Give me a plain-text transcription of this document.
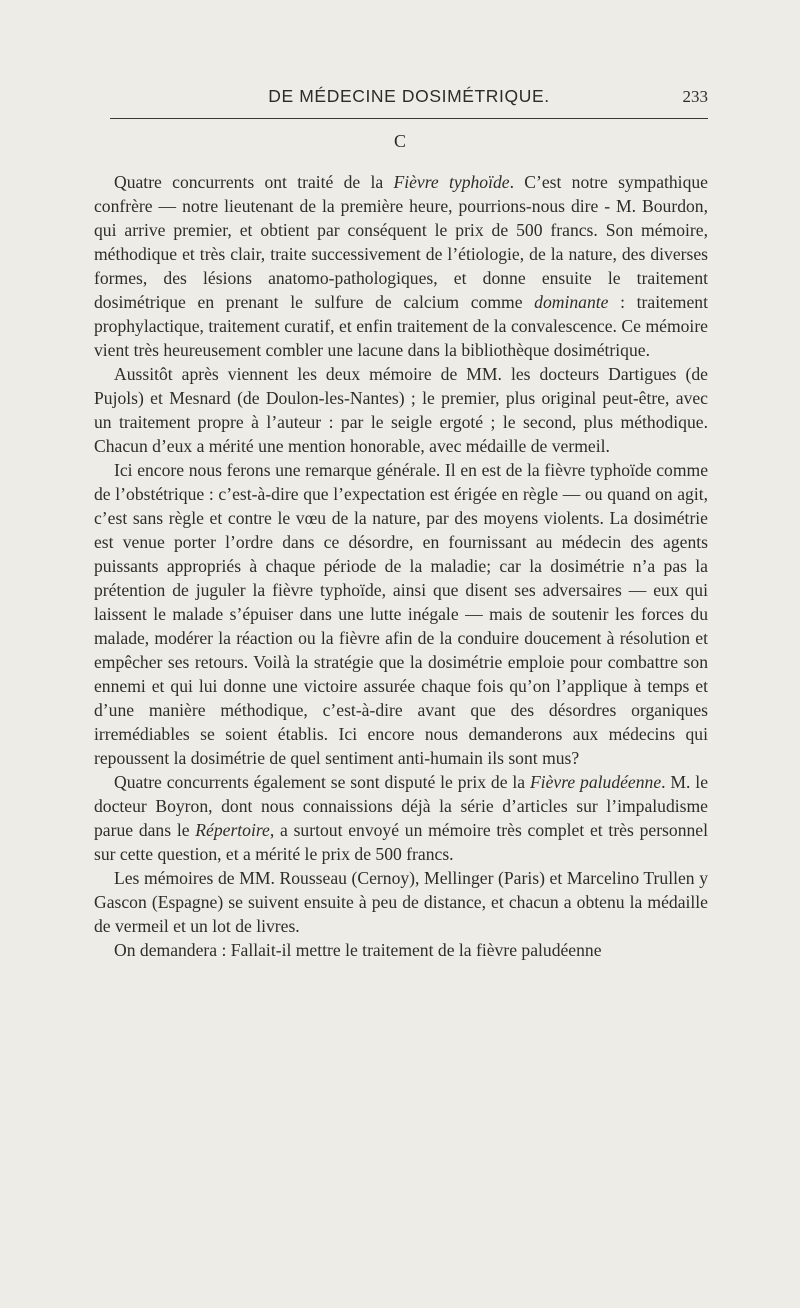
DE MÉDECINE DOSIMÉTRIQUE.	233
C

Quatre concurrents ont traité de la Fièvre typhoïde. C’est notre sympathique confrère — notre lieutenant de la première heure, pourrions-nous dire - M. Bourdon, qui arrive premier, et obtient par conséquent le prix de 500 francs. Son mémoire, méthodique et très clair, traite successivement de l’étiologie, de la nature, des diverses formes, des lésions anatomo-pathologiques, et donne ensuite le traitement dosimétrique en prenant le sulfure de calcium comme dominante : traitement prophylactique, traitement curatif, et enfin traitement de la convalescence. Ce mémoire vient très heureusement combler une lacune dans la bibliothèque dosimétrique.

Aussitôt après viennent les deux mémoire de MM. les docteurs Dartigues (de Pujols) et Mesnard (de Doulon-les-Nantes) ; le premier, plus original peut-être, avec un traitement propre à l’auteur : par le seigle ergoté ; le second, plus méthodique. Chacun d’eux a mérité une mention honorable, avec médaille de vermeil.

Ici encore nous ferons une remarque générale. Il en est de la fièvre typhoïde comme de l’obstétrique : c’est-à-dire que l’expectation est érigée en règle — ou quand on agit, c’est sans règle et contre le vœu de la nature, par des moyens violents. La dosimétrie est venue porter l’ordre dans ce désordre, en fournissant au médecin des agents puissants appropriés à chaque période de la maladie; car la dosimétrie n’a pas la prétention de juguler la fièvre typhoïde, ainsi que disent ses adversaires — eux qui laissent le malade s’épuiser dans une lutte inégale — mais de soutenir les forces du malade, modérer la réaction ou la fièvre afin de la conduire doucement à résolution et empêcher ses retours. Voilà la stratégie que la dosimétrie emploie pour combattre son ennemi et qui lui donne une victoire assurée chaque fois qu’on l’applique à temps et d’une manière méthodique, c’est-à-dire avant que des désordres organiques irremédiables se soient établis. Ici encore nous demanderons aux médecins qui repoussent la dosimétrie de quel sentiment anti-humain ils sont mus?

Quatre concurrents également se sont disputé le prix de la Fièvre paludéenne. M. le docteur Boyron, dont nous connaissions déjà la série d’articles sur l’impaludisme parue dans le Répertoire, a surtout envoyé un mémoire très complet et très personnel sur cette question, et a mérité le prix de 500 francs.

Les mémoires de MM. Rousseau (Cernoy), Mellinger (Paris) et Marcelino Trullen y Gascon (Espagne) se suivent ensuite à peu de distance, et chacun a obtenu la médaille de vermeil et un lot de livres.

On demandera : Fallait-il mettre le traitement de la fièvre paludéenne
